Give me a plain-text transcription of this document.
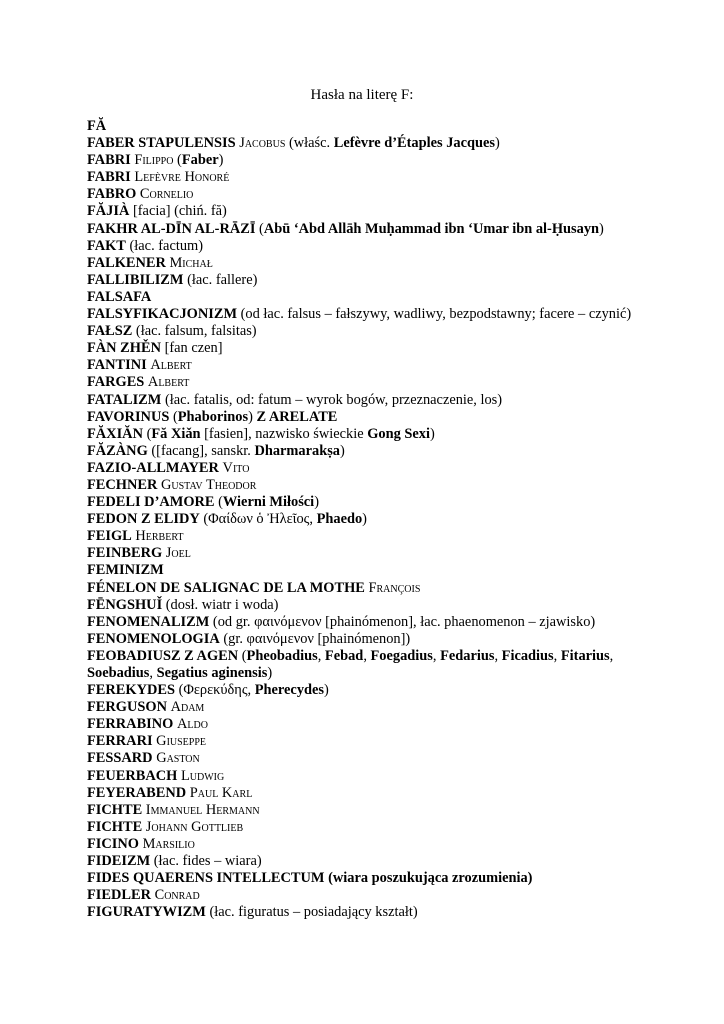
Hasła na literę F:

FĂ

FABER STAPULENSIS Jacobus (właśc. Lefèvre d’Étaples Jacques)

FABRI Filippo (Faber)

FABRI Lefèvre Honoré

FABRO Cornelio

FĂJIÀ [facia] (chiń. fă)

FAKHR AL-DĪN AL-RĀZĪ (Abū ‘Abd Allāh Muḥammad ibn ‘Umar ibn al-Ḥusayn)

FAKT (łac. factum)

FALKENER Michał

FALLIBILIZM (łac. fallere)

FALSAFA

FALSYFIKACJONIZM (od łac. falsus – fałszywy, wadliwy, bezpodstawny; facere – czynić)

FAŁSZ (łac. falsum, falsitas)

FÀN ZHĚN [fan czen]

FANTINI Albert

FARGES Albert

FATALIZM (łac. fatalis, od: fatum – wyrok bogów, przeznaczenie, los)

FAVORINUS (Phaborinos) Z ARELATE

FĂXIĂN (Fă Xiǎn [fasien], nazwisko świeckie Gong Sexi)

FĂZÀNG ([facang], sanskr. Dharmarakṣa)

FAZIO-ALLMAYER Vito

FECHNER Gustav Theodor

FEDELI D’AMORE (Wierni Miłości)

FEDON Z ELIDY (Φαίδων ὁ Ἠλεῖος, Phaedo)

FEIGL Herbert

FEINBERG Joel

FEMINIZM

FÉNELON DE SALIGNAC DE LA MOTHE François

FĒNGSHUǏ (dosł. wiatr i woda)

FENOMENALIZM (od gr. φαινόμενον [phainómenon], łac. phaenomenon – zjawisko)

FENOMENOLOGIA (gr. φαινόμενον [phainómenon])

FEOBADIUSZ Z AGEN (Pheobadius, Febad, Foegadius, Fedarius, Ficadius, Fitarius, Soebadius, Segatius aginensis)

FEREKYDES (Φερεκύδης, Pherecydes)

FERGUSON Adam

FERRABINO Aldo

FERRARI Giuseppe

FESSARD Gaston

FEUERBACH Ludwig

FEYERABEND Paul Karl

FICHTE Immanuel Hermann

FICHTE Johann Gottlieb

FICINO Marsilio

FIDEIZM (łac. fides – wiara)

FIDES QUAERENS INTELLECTUM (wiara poszukująca zrozumienia)

FIEDLER Conrad

FIGURATYWIZM (łac. figuratus – posiadający kształt)
